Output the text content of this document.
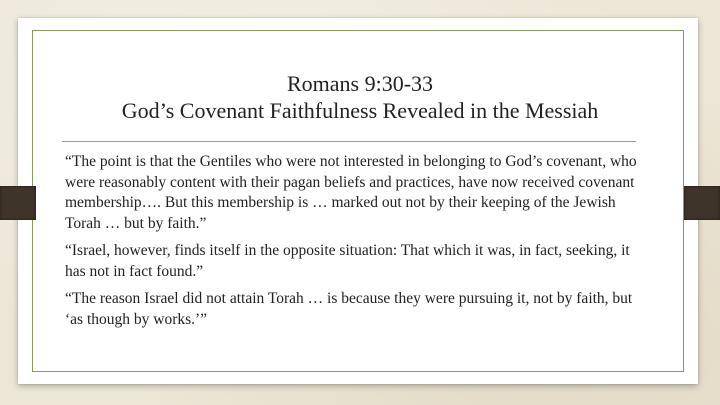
Romans 9:30-33
God’s Covenant Faithfulness Revealed in the Messiah

“The point is that the Gentiles who were not interested in belonging to God’s covenant, who were reasonably content with their pagan beliefs and practices, have now received covenant membership…. But this membership is … marked out not by their keeping of the Jewish Torah … but by faith.”

“Israel, however, finds itself in the opposite situation: That which it was, in fact, seeking, it has not in fact found.”

“The reason Israel did not attain Torah … is because they were pursuing it, not by faith, but ‘as though by works.’”
